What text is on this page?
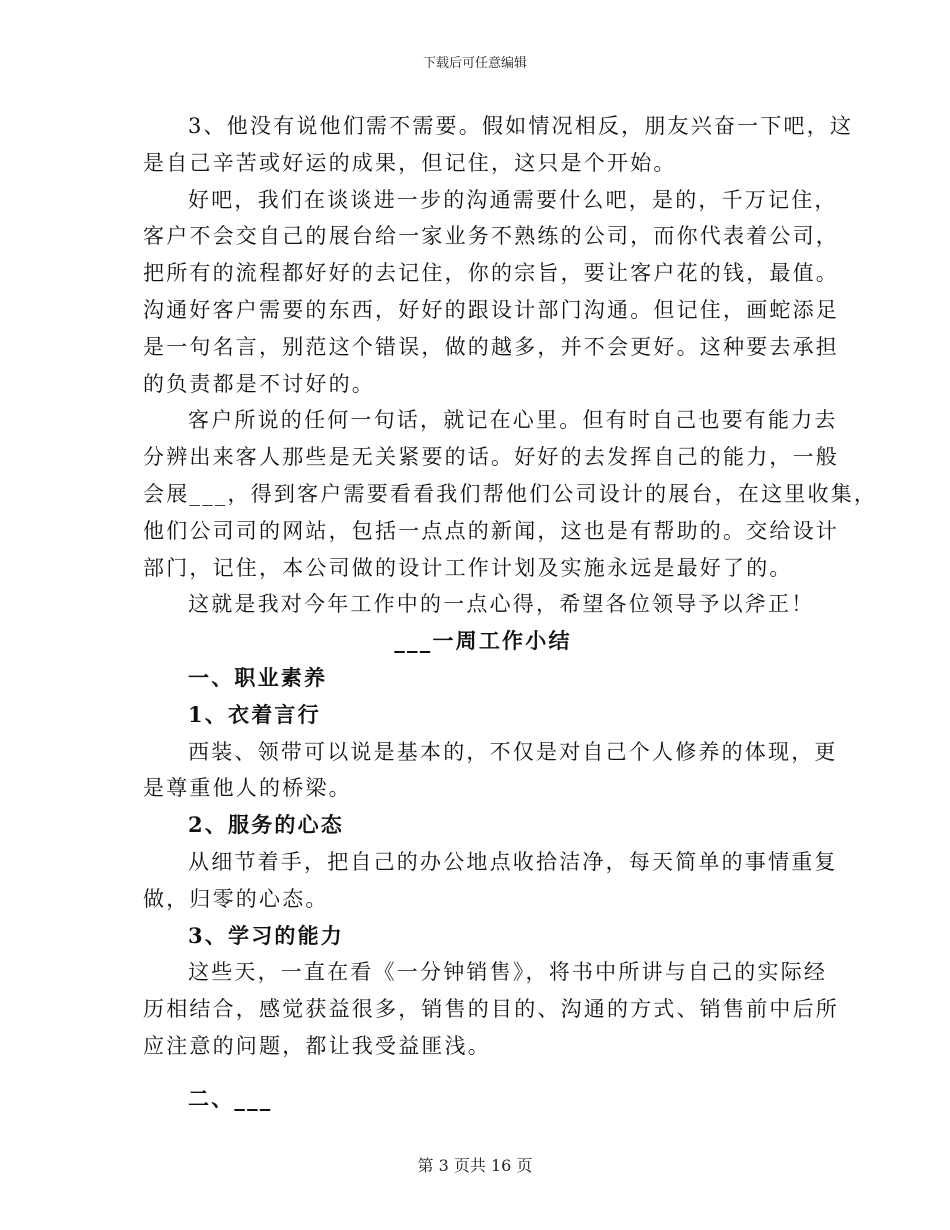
下载后可任意编辑
3、他没有说他们需不需要。假如情况相反，朋友兴奋一下吧，这
是自己辛苦或好运的成果，但记住，这只是个开始。
好吧，我们在谈谈进一步的沟通需要什么吧，是的，千万记住，
客户不会交自己的展台给一家业务不熟练的公司，而你代表着公司，
把所有的流程都好好的去记住，你的宗旨，要让客户花的钱，最值。
沟通好客户需要的东西，好好的跟设计部门沟通。但记住，画蛇添足
是一句名言，别范这个错误，做的越多，并不会更好。这种要去承担
的负责都是不讨好的。
客户所说的任何一句话，就记在心里。但有时自己也要有能力去
分辨出来客人那些是无关紧要的话。好好的去发挥自己的能力，一般
会展___，得到客户需要看看我们帮他们公司设计的展台，在这里收集，
他们公司司的网站，包括一点点的新闻，这也是有帮助的。交给设计
部门，记住，本公司做的设计工作计划及实施永远是最好了的。
这就是我对今年工作中的一点心得，希望各位领导予以斧正！
___一周工作小结
一、职业素养
1、衣着言行
西装、领带可以说是基本的，不仅是对自己个人修养的体现，更
是尊重他人的桥梁。
2、服务的心态
从细节着手，把自己的办公地点收拾洁净，每天简单的事情重复
做，归零的心态。
3、学习的能力
这些天，一直在看《一分钟销售》，将书中所讲与自己的实际经
历相结合，感觉获益很多，销售的目的、沟通的方式、销售前中后所
应注意的问题，都让我受益匪浅。
二、___
第 3 页共 16 页
